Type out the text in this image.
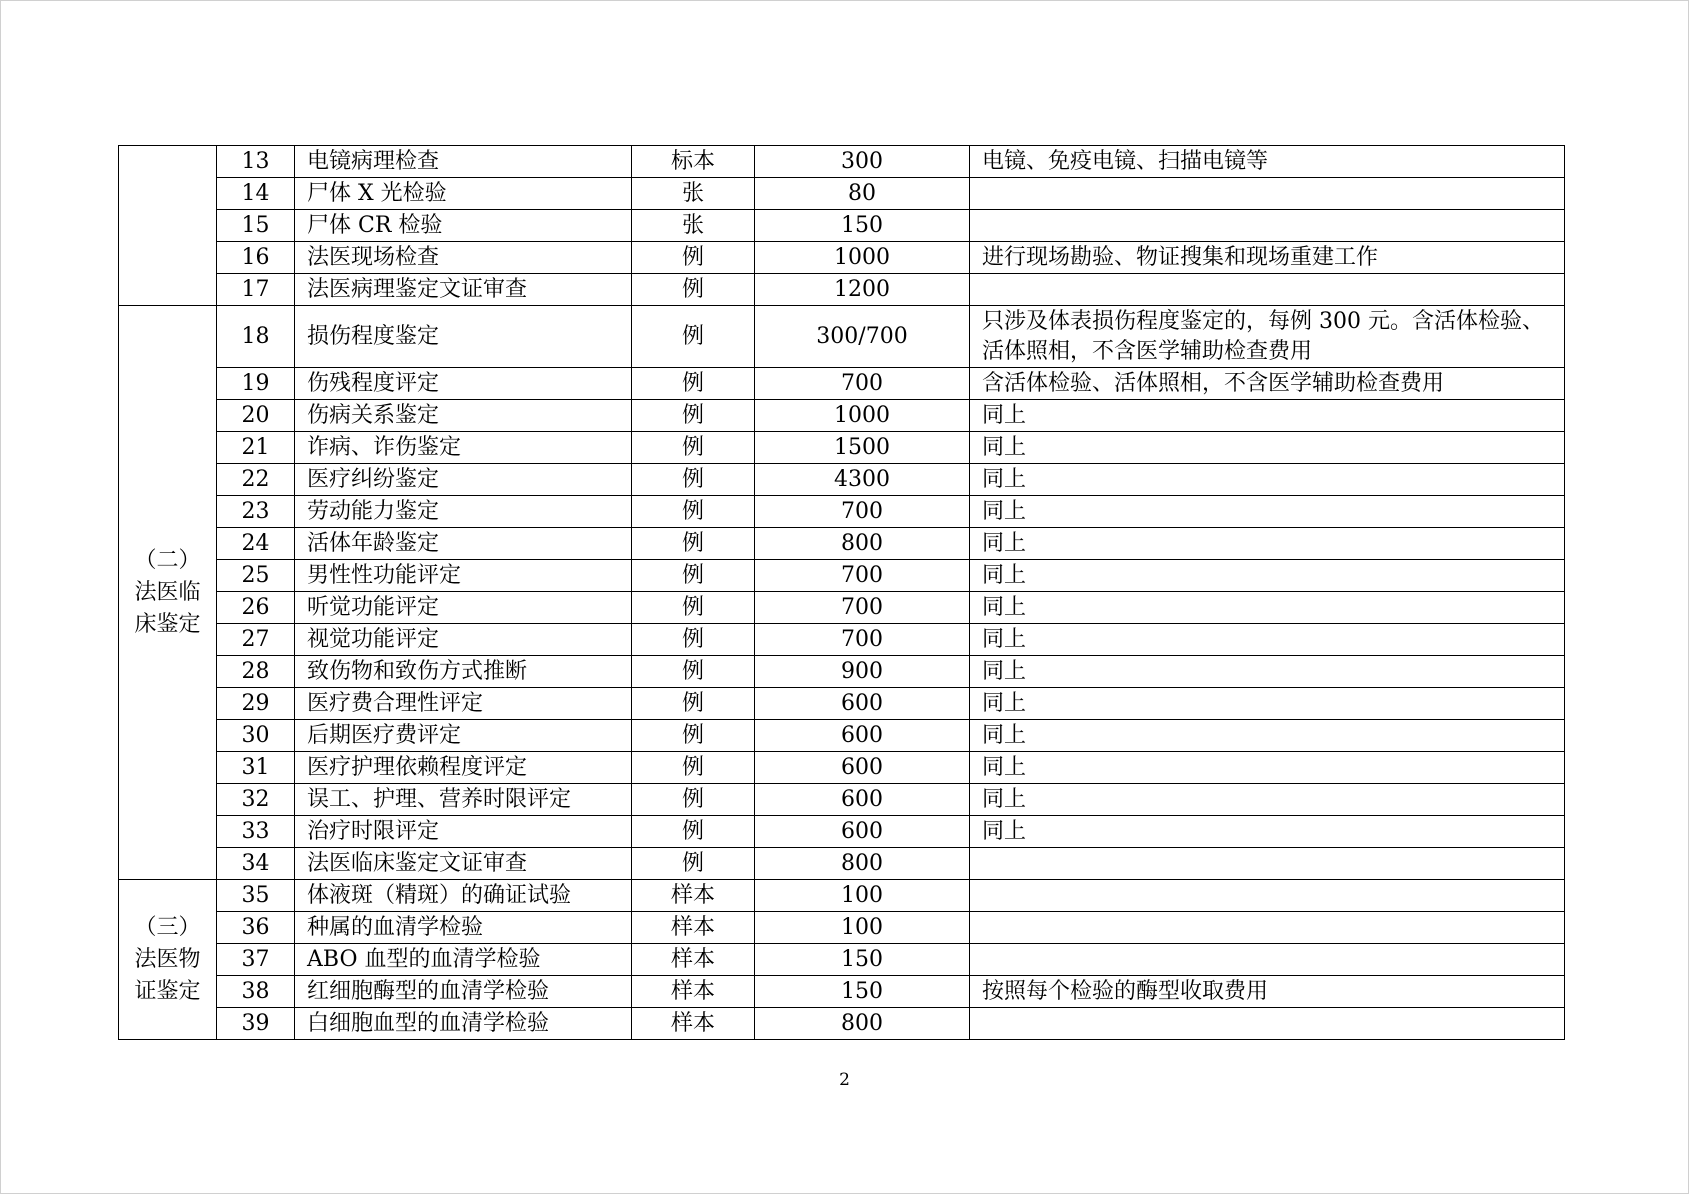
	13	电镜病理检查	标本	300	电镜、免疫电镜、扫描电镜等
	14	尸体 X 光检验	张	80	
	15	尸体 CR 检验	张	150	
	16	法医现场检查	例	1000	进行现场勘验、物证搜集和现场重建工作
	17	法医病理鉴定文证审查	例	1200	
（二）法医临床鉴定	18	损伤程度鉴定	例	300/700	只涉及体表损伤程度鉴定的，每例 300 元。含活体检验、活体照相，不含医学辅助检查费用
	19	伤残程度评定	例	700	含活体检验、活体照相，不含医学辅助检查费用
	20	伤病关系鉴定	例	1000	同上
	21	诈病、诈伤鉴定	例	1500	同上
	22	医疗纠纷鉴定	例	4300	同上
	23	劳动能力鉴定	例	700	同上
	24	活体年龄鉴定	例	800	同上
	25	男性性功能评定	例	700	同上
	26	听觉功能评定	例	700	同上
	27	视觉功能评定	例	700	同上
	28	致伤物和致伤方式推断	例	900	同上
	29	医疗费合理性评定	例	600	同上
	30	后期医疗费评定	例	600	同上
	31	医疗护理依赖程度评定	例	600	同上
	32	误工、护理、营养时限评定	例	600	同上
	33	治疗时限评定	例	600	同上
	34	法医临床鉴定文证审查	例	800	
（三）法医物证鉴定	35	体液斑（精斑）的确证试验	样本	100	
	36	种属的血清学检验	样本	100	
	37	ABO 血型的血清学检验	样本	150	
	38	红细胞酶型的血清学检验	样本	150	按照每个检验的酶型收取费用
	39	白细胞血型的血清学检验	样本	800	
2
